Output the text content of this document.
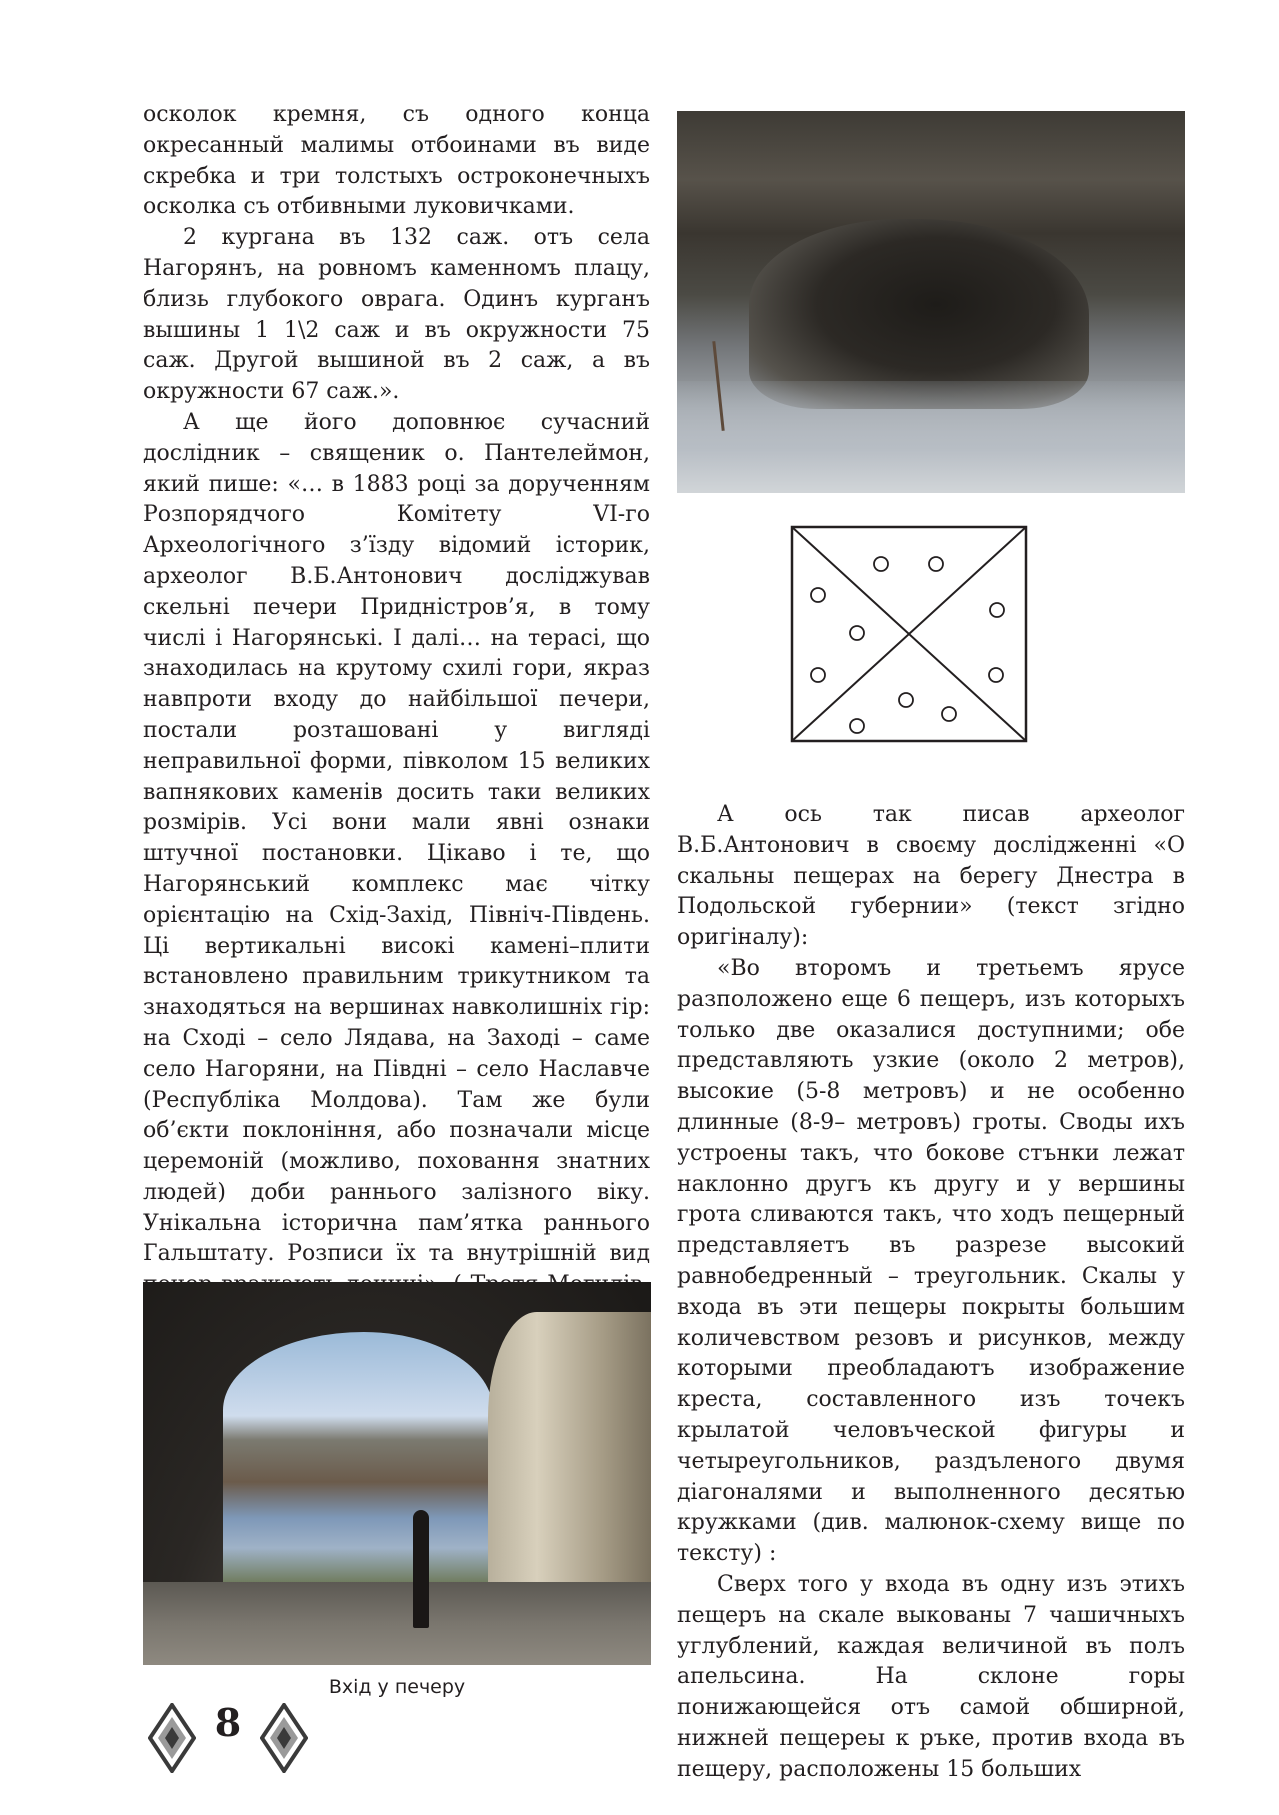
осколок кремня, съ одного конца окресанный малимы отбоинами въ виде скребка и три толстыхъ остроконечныхъ осколка съ отбивными луковичками.

2 кургана въ 132 саж. отъ села Нагорянъ, на ровномъ каменномъ плацу, близь глубокого оврага. Одинъ курганъ вышины 1 1\2 саж и въ окружности 75 саж. Другой вышиной въ 2 саж, а въ окружности 67 саж.».

А ще його доповнює сучасний дослідник – священик о. Пантелеймон, який пише: «… в 1883 році за дорученням Розпорядчого Комітету VI-го Археологічного з’їзду відомий історик, археолог В.Б.Антонович досліджував скельні печери Придністров’я, в тому числі і Нагорянські. І далі… на терасі, що знаходилась на крутому схилі гори, якраз навпроти входу до найбільшої печери, постали розташовані у вигляді неправильної форми, півколом 15 великих вапнякових каменів досить таки великих розмірів. Усі вони мали явні ознаки штучної постановки. Цікаво і те, що Нагорянський комплекс має чітку орієнтацію на Схід-Захід, Північ-Південь. Ці вертикальні високі камені–плити встановлено правильним трикутником та знаходяться на вершинах навколишніх гір: на Сході – село Лядава, на Заході – саме село Нагоряни, на Півдні – село Наславче (Республіка Молдова). Там же були об’єкти поклоніння, або позначали місце церемоній (можливо, поховання знатних людей) доби раннього залізного віку. Унікальна історична пам’ятка раннього Гальштату. Розписи їх та внутрішній вид

А ось так писав археолог В.Б.Антонович в своєму дослідженні «О скальны пещерах на берегу Днестра в Подольской губернии» (текст згідно оригіналу):

«Во второмъ и третьемъ ярусе разположено еще 6 пещеръ, изъ которыхъ только две оказалися доступними; обе представляють узкие (около 2 метров), высокие (5-8 метровъ) и не особенно длинные (8-9– метровъ) гроты. Своды ихъ устроены такъ, что бокове стънки лежат наклонно другъ къ другу и у вершины грота сливаются такъ, что ходъ пещерный представляетъ въ разрезе высокий равнобедренный – треугольник. Скалы у входа въ эти пещеры покрыты большим количевством резовъ и рисунков, между которыми преобладаютъ изображение креста, составленного изъ точекъ крылатой человъческой фигуры и четыреугольников, раздъленого двумя діагоналями и выполненного десятью кружками (див. малюнок-схему вище по тексту) :

Сверх того у входа въ одну изъ этихъ пещеръ на скале выкованы 7 чашичныхъ углублений, каждая величиной въ полъ апельсина. На склоне горы понижающейся отъ самой обширной, нижней пещереы к ръке, против входа въ пещеру, расположены 15 больших

Вхід у печеру
8
